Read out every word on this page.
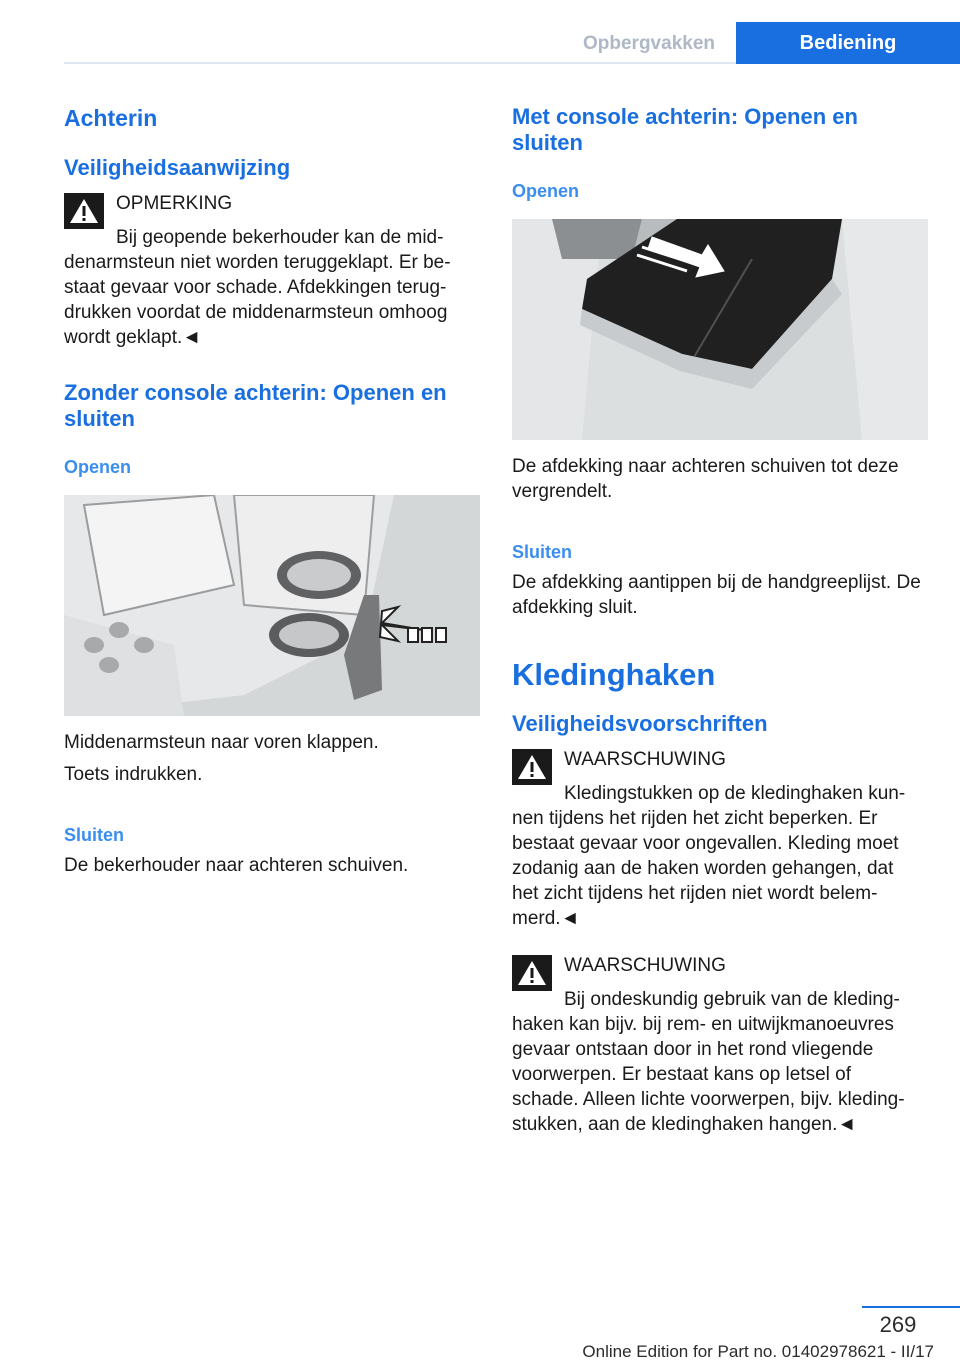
Opbergvakken	Bediening
Achterin
Veiligheidsaanwijzing

OPMERKING

Bij geopende bekerhouder kan de mid-

denarmsteun niet worden teruggeklapt. Er be-
staat gevaar voor schade. Afdekkingen terug-
drukken voordat de middenarmsteun omhoog
wordt geklapt.◄

Zonder console achterin: Openen en sluiten
Openen

Middenarmsteun naar voren klappen.

Toets indrukken.

Sluiten

De bekerhouder naar achteren schuiven.

Met console achterin: Openen en sluiten
Openen

De afdekking naar achteren schuiven tot deze vergrendelt.

Sluiten

De afdekking aantippen bij de handgreeplijst. De afdekking sluit.

Kledinghaken
Veiligheidsvoorschriften

WAARSCHUWING

Kledingstukken op de kledinghaken kun-

nen tijdens het rijden het zicht beperken. Er
bestaat gevaar voor ongevallen. Kleding moet
zodanig aan de haken worden gehangen, dat
het zicht tijdens het rijden niet wordt belem-
merd.◄

WAARSCHUWING

Bij ondeskundig gebruik van de kleding-

haken kan bijv. bij rem- en uitwijkmanoeuvres
gevaar ontstaan door in het rond vliegende
voorwerpen. Er bestaat kans op letsel of
schade. Alleen lichte voorwerpen, bijv. kleding-
stukken, aan de kledinghaken hangen.◄

269
Online Edition for Part no. 01402978621 - II/17
